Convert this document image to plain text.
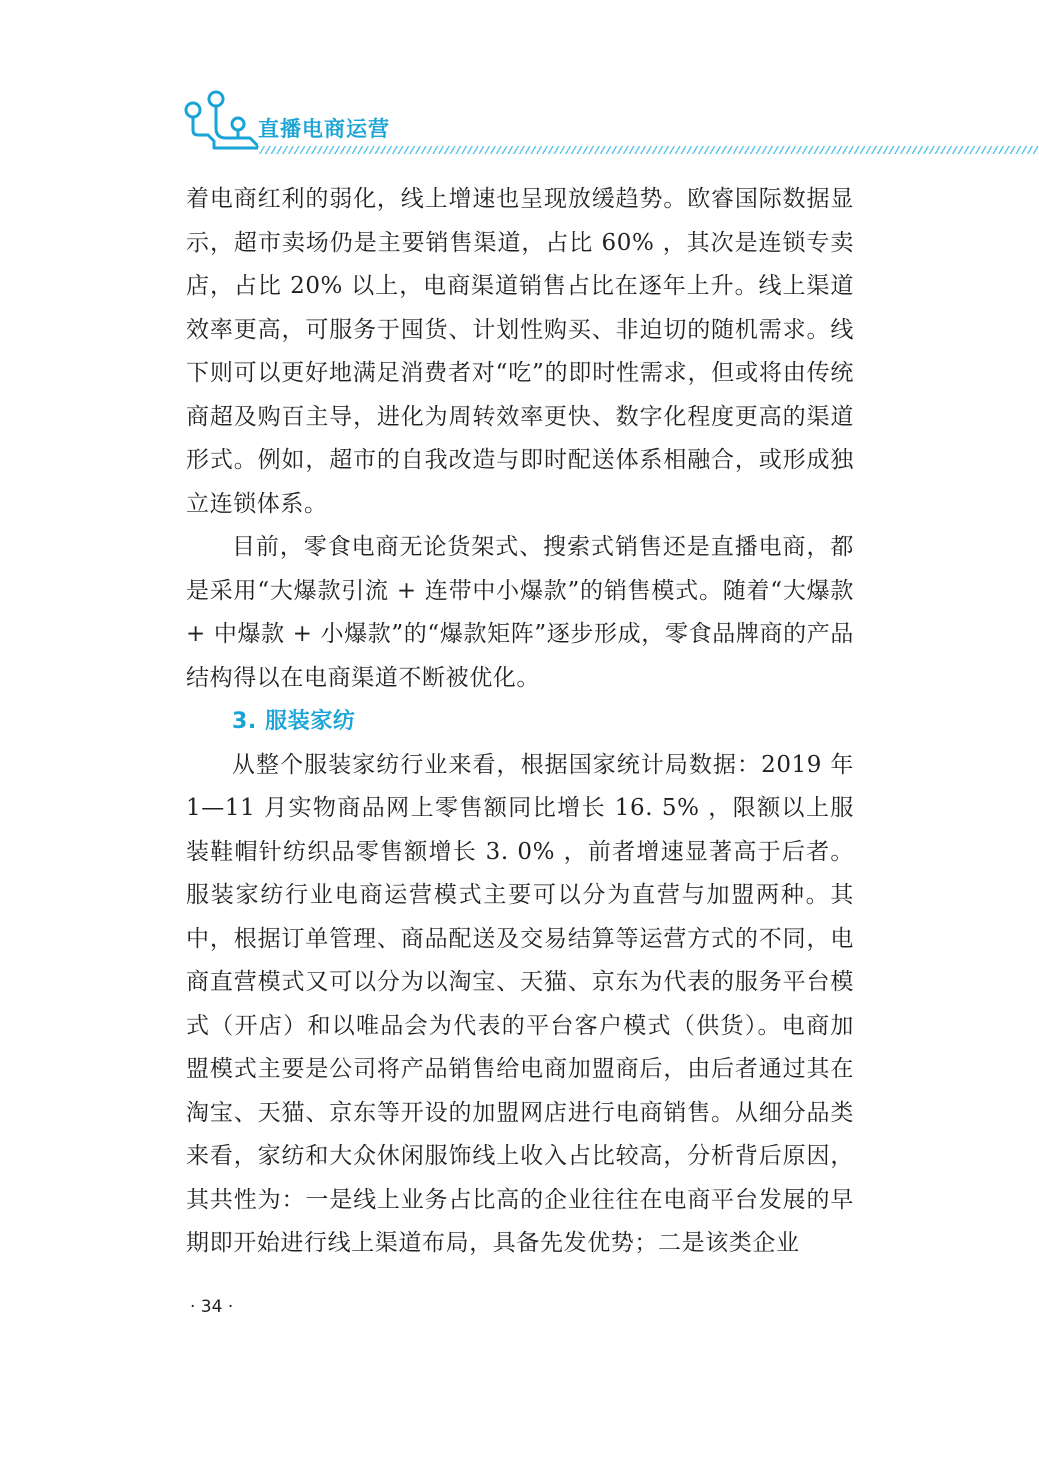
直播电商运营

着电商红利的弱化，线上增速也呈现放缓趋势。欧睿国际数据显示，超市卖场仍是主要销售渠道，占比 60% ，其次是连锁专卖店，占比 20% 以上，电商渠道销售占比在逐年上升。线上渠道效率更高，可服务于囤货、计划性购买、非迫切的随机需求。线下则可以更好地满足消费者对“吃”的即时性需求，但或将由传统商超及购百主导，进化为周转效率更快、数字化程度更高的渠道形式。例如，超市的自我改造与即时配送体系相融合，或形成独立连锁体系。

目前，零食电商无论货架式、搜索式销售还是直播电商，都是采用“大爆款引流 + 连带中小爆款”的销售模式。随着“大爆款 + 中爆款 + 小爆款”的“爆款矩阵”逐步形成，零食品牌商的产品结构得以在电商渠道不断被优化。

3. 服装家纺

从整个服装家纺行业来看，根据国家统计局数据：2019 年1—11 月实物商品网上零售额同比增长 16. 5% ，限额以上服装鞋帽针纺织品零售额增长 3. 0% ，前者增速显著高于后者。服装家纺行业电商运营模式主要可以分为直营与加盟两种。其中，根据订单管理、商品配送及交易结算等运营方式的不同，电商直营模式又可以分为以淘宝、天猫、京东为代表的服务平台模式（开店）和以唯品会为代表的平台客户模式（供货）。电商加盟模式主要是公司将产品销售给电商加盟商后，由后者通过其在淘宝、天猫、京东等开设的加盟网店进行电商销售。从细分品类来看，家纺和大众休闲服饰线上收入占比较高，分析背后原因，其共性为：一是线上业务占比高的企业往往在电商平台发展的早期即开始进行线上渠道布局，具备先发优势；二是该类企业

· 34 ·
